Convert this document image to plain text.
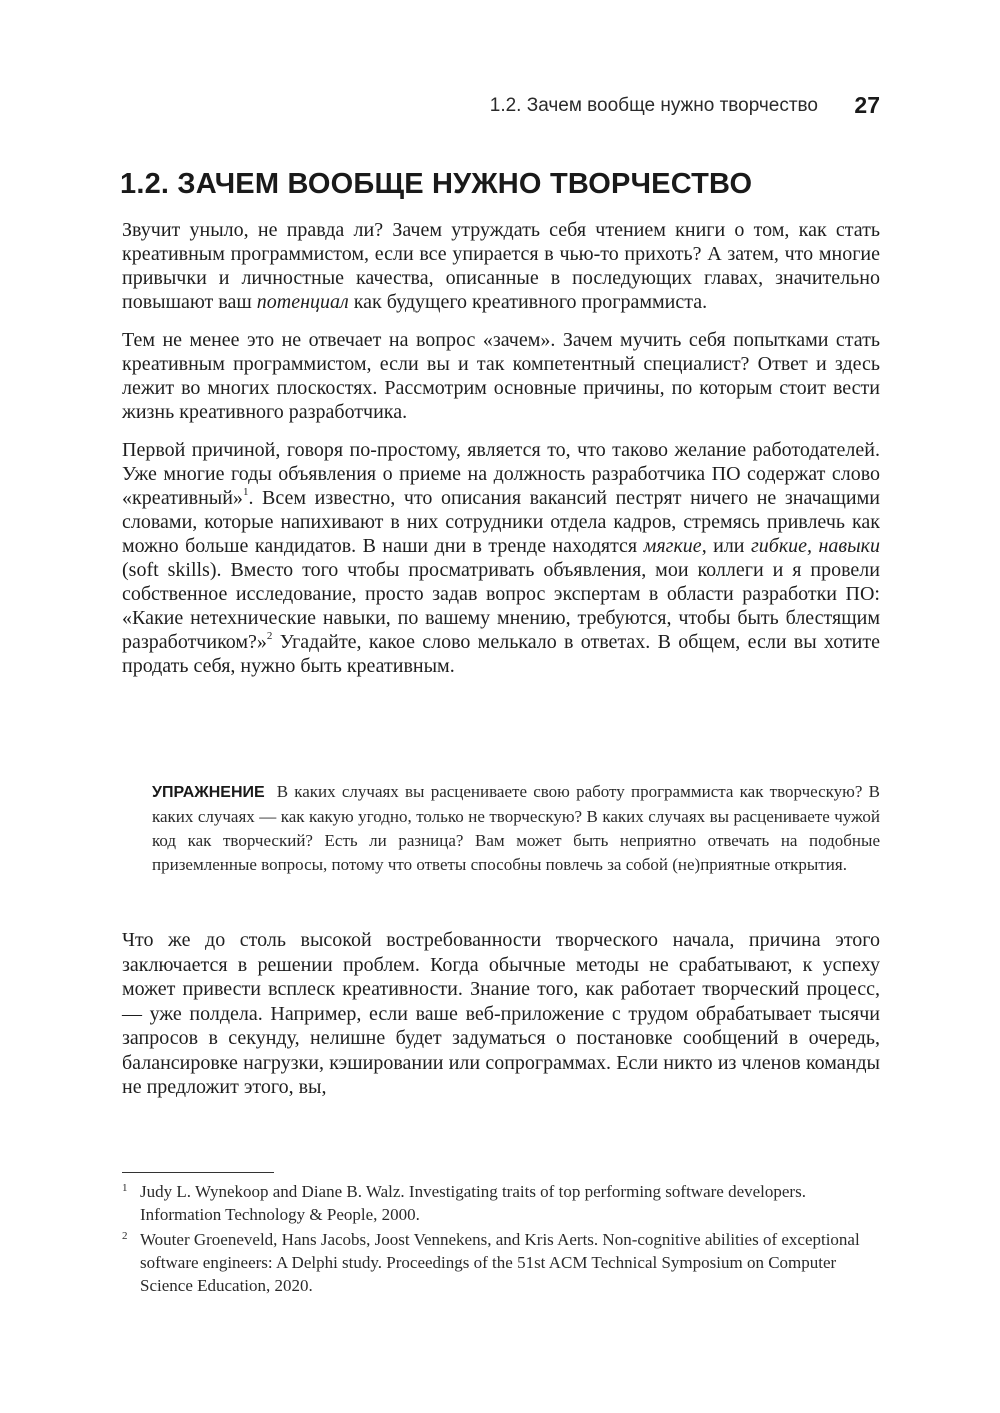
1.2. Зачем вообще нужно творчество 27
1.2. ЗАЧЕМ ВООБЩЕ НУЖНО ТВОРЧЕСТВО

Звучит уныло, не правда ли? Зачем утруждать себя чтением книги о том, как стать креативным программистом, если все упирается в чью-то прихоть? А затем, что многие привычки и личностные качества, описанные в последующих главах, значительно повышают ваш потенциал как будущего креативного программиста.

Тем не менее это не отвечает на вопрос «зачем». Зачем мучить себя попытками стать креативным программистом, если вы и так компетентный специалист? Ответ и здесь лежит во многих плоскостях. Рассмотрим основные причины, по которым стоит вести жизнь креативного разработчика.

Первой причиной, говоря по-простому, является то, что таково желание работодателей. Уже многие годы объявления о приеме на должность разработчика ПО содержат слово «креативный»$^1$. Всем известно, что описания вакансий пестрят ничего не значащими словами, которые напихивают в них сотрудники отдела кадров, стремясь привлечь как можно больше кандидатов. В наши дни в тренде находятся мягкие, или гибкие, навыки (soft skills). Вместо того чтобы просматривать объявления, мои коллеги и я провели собственное исследование, просто задав вопрос экспертам в области разработки ПО: «Какие нетехнические навыки, по вашему мнению, требуются, чтобы быть блестящим разработчиком?»$^2$ Угадайте, какое слово мелькало в ответах. В общем, если вы хотите продать себя, нужно быть креативным.

УПРАЖНЕНИЕ В каких случаях вы расцениваете свою работу программиста как творческую? В каких случаях — как какую угодно, только не творческую? В каких случаях вы расцениваете чужой код как творческий? Есть ли разница? Вам может быть неприятно отвечать на подобные приземленные вопросы, потому что ответы способны повлечь за собой (не)приятные открытия.

Что же до столь высокой востребованности творческого начала, причина этого заключается в решении проблем. Когда обычные методы не срабатывают, к успеху может привести всплеск креативности. Знание того, как работает творческий процесс, — уже полдела. Например, если ваше веб-приложение с трудом обрабатывает тысячи запросов в секунду, нелишне будет задуматься о постановке сообщений в очередь, балансировке нагрузки, кэшировании или сопрограммах. Если никто из членов команды не предложит этого, вы,

1 Judy L. Wynekoop and Diane B. Walz. Investigating traits of top performing software developers. Information Technology & People, 2000.
2 Wouter Groeneveld, Hans Jacobs, Joost Vennekens, and Kris Aerts. Non-cognitive abilities of exceptional software engineers: A Delphi study. Proceedings of the 51st ACM Technical Symposium on Computer Science Education, 2020.
